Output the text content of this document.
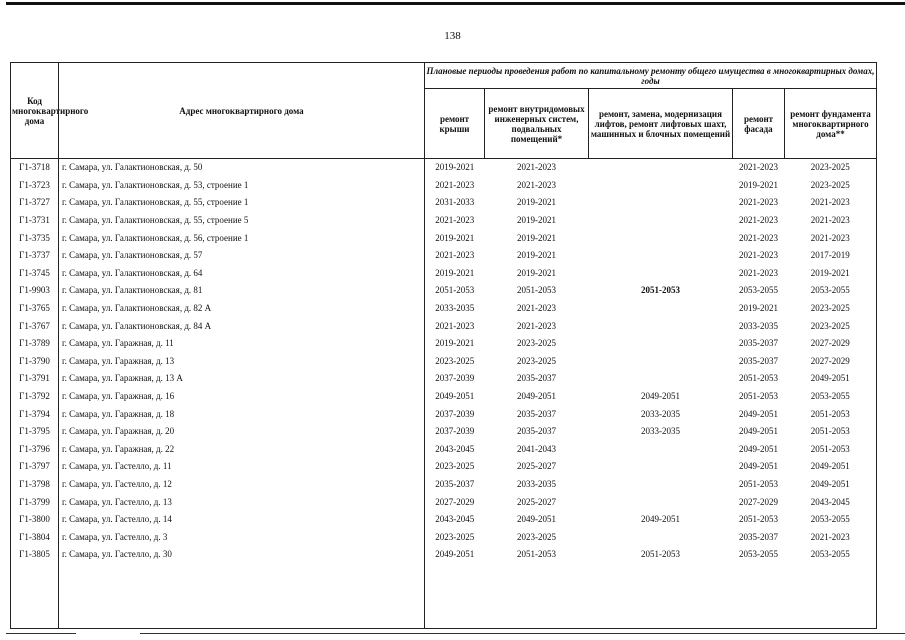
138
Код многоквартирного дома	Адрес многоквартирного дома	Плановые периоды проведения работ по капитальному ремонту общего имущества в многоквартирных домах, годы				
		ремонт крыши	ремонт внутридомовых инженерных систем, подвальных помещений*	ремонт, замена, модернизация лифтов, ремонт лифтовых шахт, машинных и блочных помещений	ремонт фасада	ремонт фундамента многоквартирного дома**
Г1-3718	г. Самара, ул. Галактионовская, д. 50	2019-2021	2021-2023		2021-2023	2023-2025
Г1-3723	г. Самара, ул. Галактионовская, д. 53, строение 1	2021-2023	2021-2023		2019-2021	2023-2025
Г1-3727	г. Самара, ул. Галактионовская, д. 55, строение 1	2031-2033	2019-2021		2021-2023	2021-2023
Г1-3731	г. Самара, ул. Галактионовская, д. 55, строение 5	2021-2023	2019-2021		2021-2023	2021-2023
Г1-3735	г. Самара, ул. Галактионовская, д. 56, строение 1	2019-2021	2019-2021		2021-2023	2021-2023
Г1-3737	г. Самара, ул. Галактионовская, д. 57	2021-2023	2019-2021		2021-2023	2017-2019
Г1-3745	г. Самара, ул. Галактионовская, д. 64	2019-2021	2019-2021		2021-2023	2019-2021
Г1-9903	г. Самара, ул. Галактионовская, д. 81	2051-2053	2051-2053	2051-2053	2053-2055	2053-2055
Г1-3765	г. Самара, ул. Галактионовская, д. 82 А	2033-2035	2021-2023		2019-2021	2023-2025
Г1-3767	г. Самара, ул. Галактионовская, д. 84 А	2021-2023	2021-2023		2033-2035	2023-2025
Г1-3789	г. Самара, ул. Гаражная, д. 11	2019-2021	2023-2025		2035-2037	2027-2029
Г1-3790	г. Самара, ул. Гаражная, д. 13	2023-2025	2023-2025		2035-2037	2027-2029
Г1-3791	г. Самара, ул. Гаражная, д. 13 А	2037-2039	2035-2037		2051-2053	2049-2051
Г1-3792	г. Самара, ул. Гаражная, д. 16	2049-2051	2049-2051	2049-2051	2051-2053	2053-2055
Г1-3794	г. Самара, ул. Гаражная, д. 18	2037-2039	2035-2037	2033-2035	2049-2051	2051-2053
Г1-3795	г. Самара, ул. Гаражная, д. 20	2037-2039	2035-2037	2033-2035	2049-2051	2051-2053
Г1-3796	г. Самара, ул. Гаражная, д. 22	2043-2045	2041-2043		2049-2051	2051-2053
Г1-3797	г. Самара, ул. Гастелло, д. 11	2023-2025	2025-2027		2049-2051	2049-2051
Г1-3798	г. Самара, ул. Гастелло, д. 12	2035-2037	2033-2035		2051-2053	2049-2051
Г1-3799	г. Самара, ул. Гастелло, д. 13	2027-2029	2025-2027		2027-2029	2043-2045
Г1-3800	г. Самара, ул. Гастелло, д. 14	2043-2045	2049-2051	2049-2051	2051-2053	2053-2055
Г1-3804	г. Самара, ул. Гастелло, д. 3	2023-2025	2023-2025		2035-2037	2021-2023
Г1-3805	г. Самара, ул. Гастелло, д. 30	2049-2051	2051-2053	2051-2053	2053-2055	2053-2055
